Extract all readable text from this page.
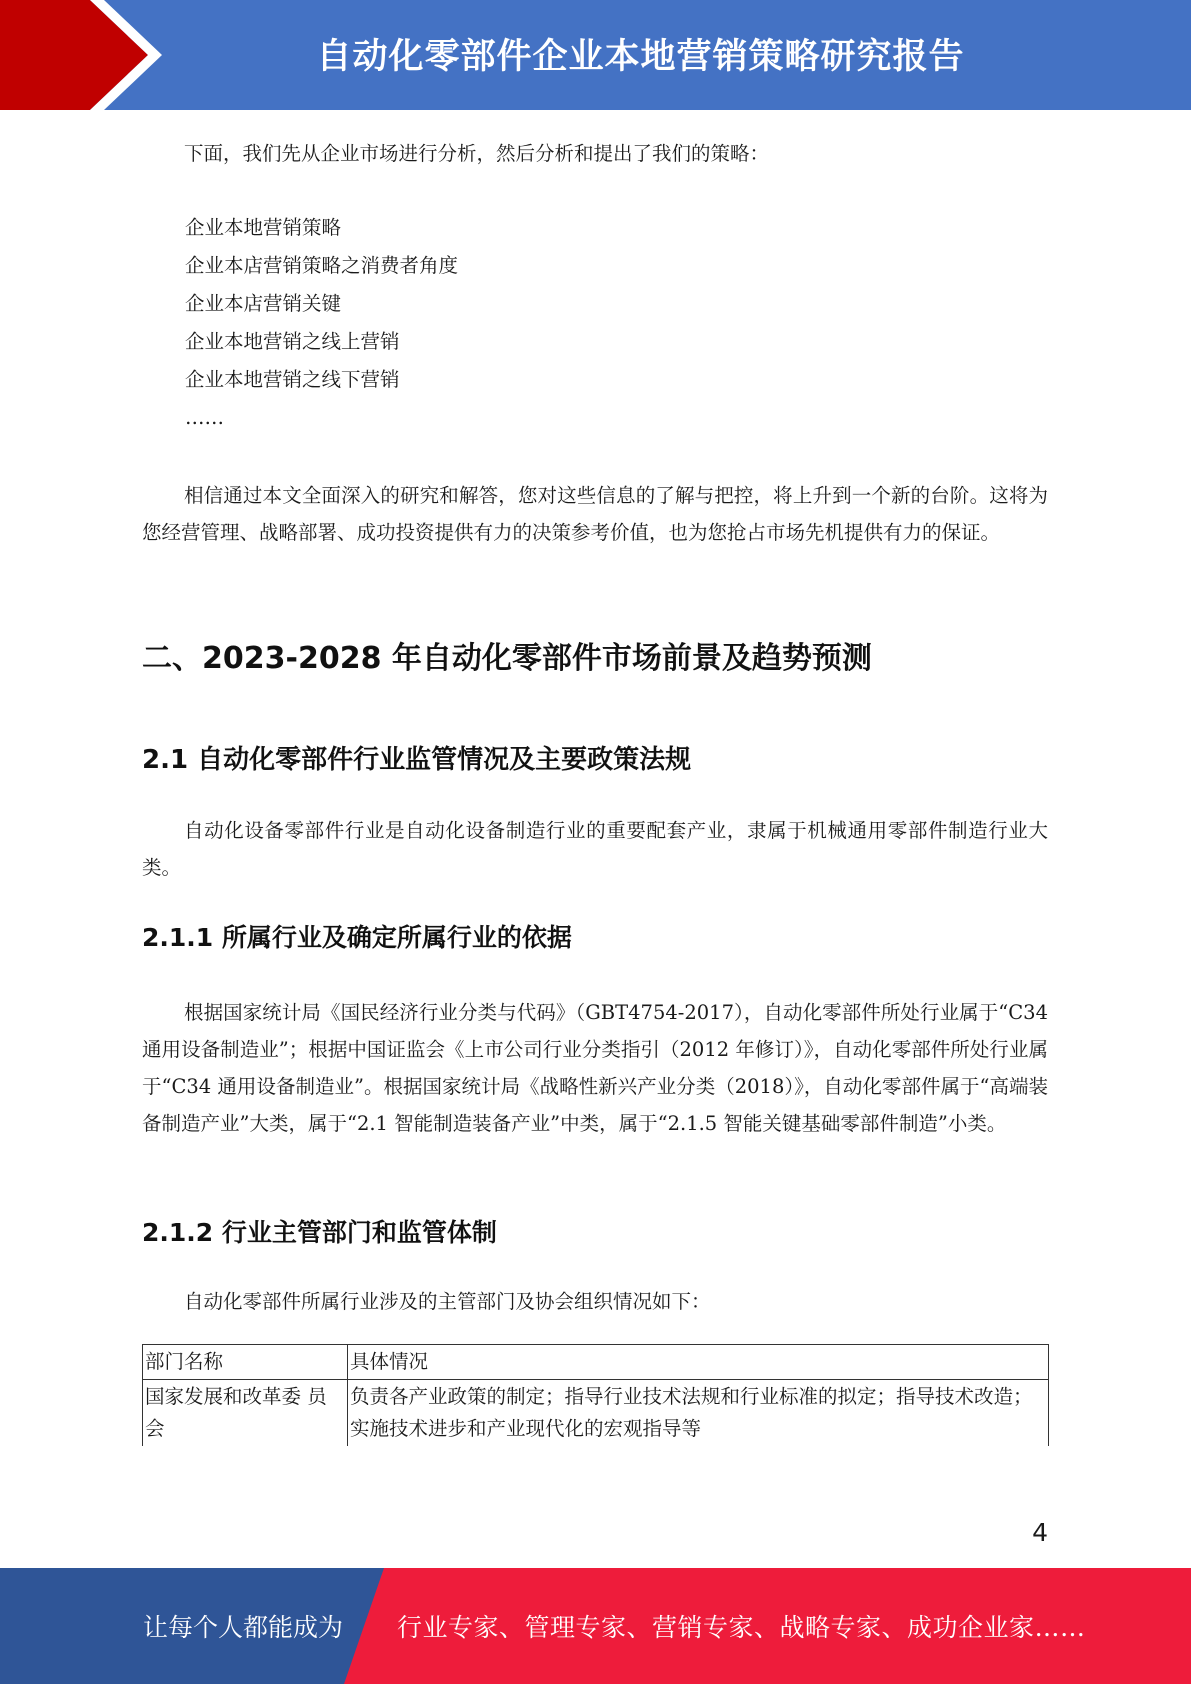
自动化零部件企业本地营销策略研究报告

下面，我们先从企业市场进行分析，然后分析和提出了我们的策略：

企业本地营销策略
企业本店营销策略之消费者角度
企业本店营销关键
企业本地营销之线上营销
企业本地营销之线下营销
……

相信通过本文全面深入的研究和解答，您对这些信息的了解与把控，将上升到一个新的台阶。这将为您经营管理、战略部署、成功投资提供有力的决策参考价值，也为您抢占市场先机提供有力的保证。

二、2023-2028 年自动化零部件市场前景及趋势预测
2.1 自动化零部件行业监管情况及主要政策法规

自动化设备零部件行业是自动化设备制造行业的重要配套产业，隶属于机械通用零部件制造行业大类。

2.1.1 所属行业及确定所属行业的依据

根据国家统计局《国民经济行业分类与代码》（GBT4754-2017），自动化零部件所处行业属于“C34 通用设备制造业”；根据中国证监会《上市公司行业分类指引（2012 年修订）》，自动化零部件所处行业属于“C34 通用设备制造业”。根据国家统计局《战略性新兴产业分类（2018）》，自动化零部件属于“高端装备制造产业”大类，属于“2.1 智能制造装备产业”中类，属于“2.1.5 智能关键基础零部件制造”小类。

2.1.2 行业主管部门和监管体制

自动化零部件所属行业涉及的主管部门及协会组织情况如下：

部门名称	具体情况
国家发展和改革委 员会	负责各产业政策的制定；指导行业技术法规和行业标准的拟定；指导技术改造；实施技术进步和产业现代化的宏观指导等
4
让每个人都能成为 行业专家、管理专家、营销专家、战略专家、成功企业家……
